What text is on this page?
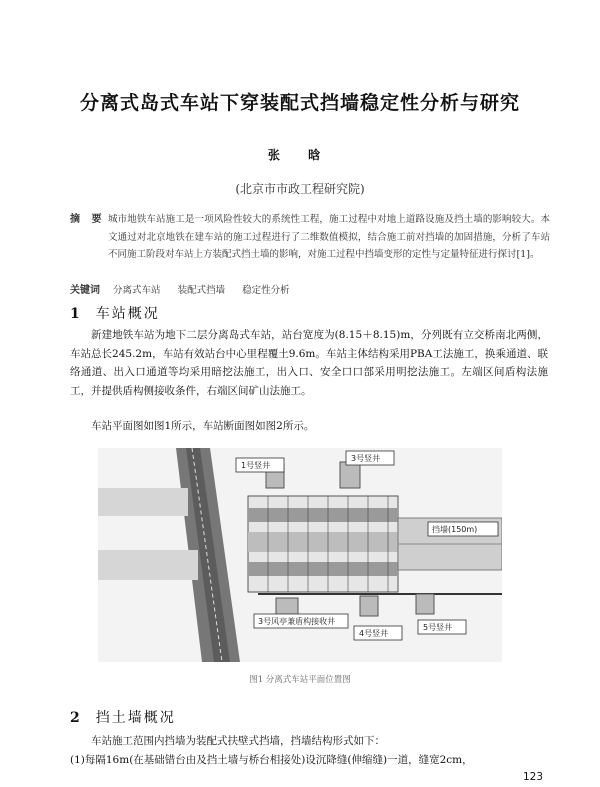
分离式岛式车站下穿装配式挡墙稳定性分析与研究
张 晗
(北京市市政工程研究院)
摘 要 城市地铁车站施工是一项风险性较大的系统性工程，施工过程中对地上道路设施及挡土墙的影响较大。本文通过对北京地铁在建车站的施工过程进行了二维数值模拟，结合施工前对挡墙的加固措施，分析了车站不同施工阶段对车站上方装配式挡土墙的影响，对施工过程中挡墙变形的定性与定量特征进行探讨[1]。
关键词 分离式车站 装配式挡墙 稳定性分析
1 车站概况
新建地铁车站为地下二层分离岛式车站，站台宽度为(8.15＋8.15)m，分列既有立交桥南北两侧，车站总长245.2m，车站有效站台中心里程覆土9.6m。车站主体结构采用PBA工法施工，换乘通道、联络通道、出入口通道等均采用暗挖法施工，出入口、安全口口部采用明挖法施工。左端区间盾构法施工，并提供盾构侧接收条件，右端区间矿山法施工。
车站平面图如图1所示，车站断面图如图2所示。
1号竖井
3号竖井
挡墙(150m)
3号风亭兼盾构接收井
4号竖井
5号竖井
图1 分离式车站平面位置图
2 挡土墙概况
车站施工范围内挡墙为装配式扶壁式挡墙，挡墙结构形式如下：
(1)每隔16m(在基础错台由及挡土墙与桥台相接处)设沉降缝(伸缩缝)一道，缝宽2cm，
123
